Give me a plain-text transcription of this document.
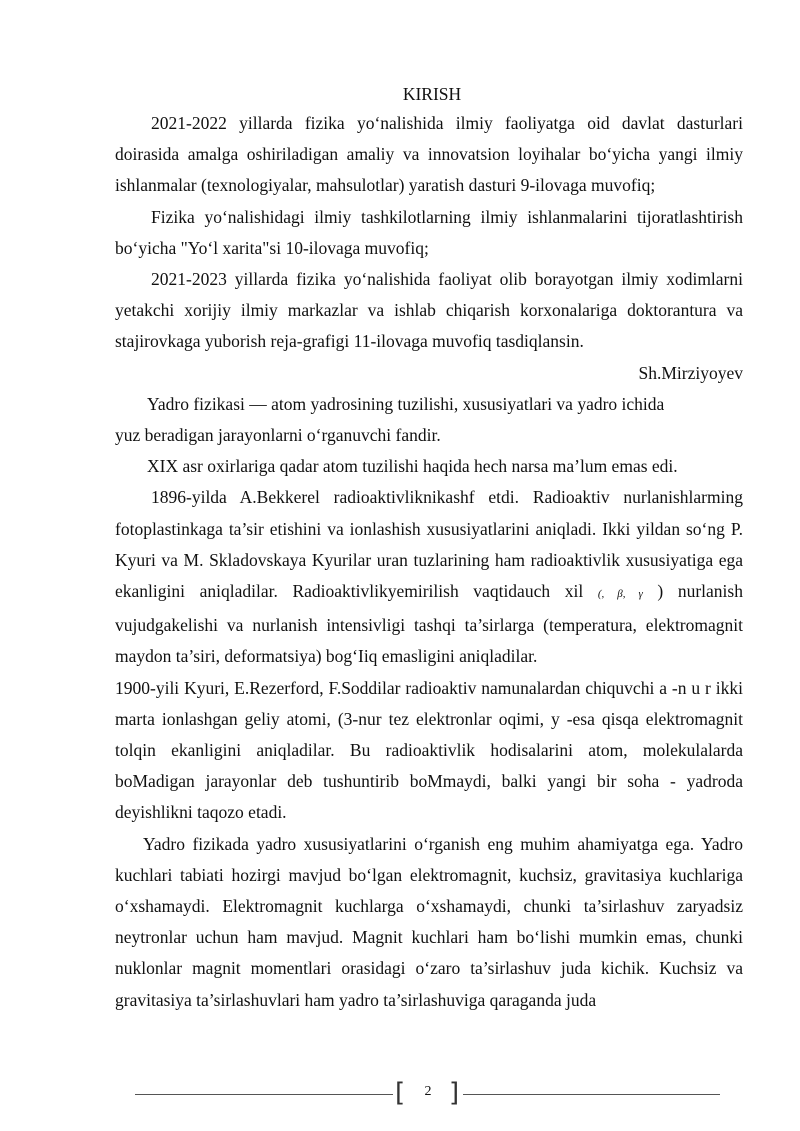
KIRISH

2021-2022 yillarda fizika yo‘nalishida ilmiy faoliyatga oid davlat dasturlari doirasida amalga oshiriladigan amaliy va innovatsion loyihalar bo‘yicha yangi ilmiy ishlanmalar (texnologiyalar, mahsulotlar) yaratish dasturi 9-ilovaga muvofiq;

Fizika yo‘nalishidagi ilmiy tashkilotlarning ilmiy ishlanmalarini tijoratlashtirish bo‘yicha "Yo‘l xarita"si 10-ilovaga muvofiq;

2021-2023 yillarda fizika yo‘nalishida faoliyat olib borayotgan ilmiy xodimlarni yetakchi xorijiy ilmiy markazlar va ishlab chiqarish korxonalariga doktorantura va stajirovkaga yuborish reja-grafigi 11-ilovaga muvofiq tasdiqlansin.

Sh.Mirziyoyev

Yadro fizikasi — atom yadrosining tuzilishi, xususiyatlari va yadro ichida
yuz beradigan jarayonlarni o‘rganuvchi fandir.

XIX asr oxirlariga qadar atom tuzilishi haqida hech narsa ma’lum emas edi.

1896-yilda A.Bekkerel radioaktivliknikashf etdi. Radioaktiv nurlanishlarming fotoplastinkaga ta’sir etishini va ionlashish xususiyatlarini aniqladi. Ikki yildan so‘ng P. Kyuri va M. Skladovskaya Kyurilar uran tuzlarining ham radioaktivlik xususiyatiga ega ekanligini aniqladilar. Radioaktivlikyemirilish vaqtidauch xil (, β, γ ) nurlanish vujudgakelishi va nurlanish intensivligi tashqi ta’sirlarga (temperatura, elektromagnit maydon ta’siri, deformatsiya) bog‘Iiq emasligini aniqladilar.

1900-yili Kyuri, E.Rezerford, F.Soddilar radioaktiv namunalardan chiquvchi a -n u r ikki marta ionlashgan geliy atomi, (3-nur tez elektronlar oqimi, y -esa qisqa elektromagnit tolqin ekanligini aniqladilar. Bu radioaktivlik hodisalarini atom, molekulalarda boMadigan jarayonlar deb tushuntirib boMmaydi, balki yangi bir soha - yadroda deyishlikni taqozo etadi.

Yadro fizikada yadro xususiyatlarini o‘rganish eng muhim ahamiyatga ega. Yadro kuchlari tabiati hozirgi mavjud bo‘lgan elektromagnit, kuchsiz, gravitasiya kuchlariga o‘xshamaydi. Elektromagnit kuchlarga o‘xshamaydi, chunki ta’sirlashuv zaryadsiz neytronlar uchun ham mavjud. Magnit kuchlari ham bo‘lishi mumkin emas, chunki nuklonlar magnit momentlari orasidagi o‘zaro ta’sirlashuv juda kichik. Kuchsiz va gravitasiya ta’sirlashuvlari ham yadro ta’sirlashuviga qaraganda juda

[	2 ]
